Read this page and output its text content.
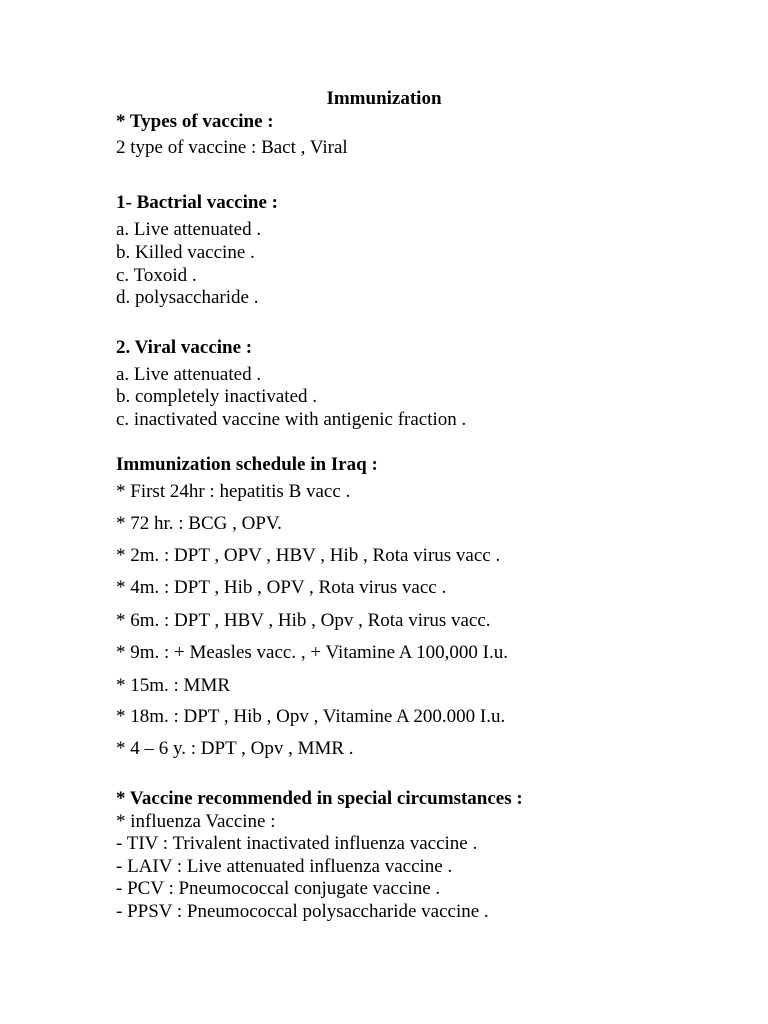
Immunization
* Types of vaccine :
2 type of vaccine : Bact , Viral
1- Bactrial vaccine :
a. Live attenuated .
b. Killed vaccine .
c. Toxoid .
d. polysaccharide .
2. Viral vaccine :
a. Live attenuated .
b. completely inactivated .
c. inactivated vaccine with antigenic fraction .
Immunization schedule in Iraq :
* First 24hr : hepatitis B vacc .
* 72 hr. : BCG , OPV.
* 2m. : DPT , OPV , HBV , Hib , Rota virus vacc .
* 4m. : DPT , Hib , OPV , Rota virus vacc .
* 6m. : DPT , HBV , Hib , Opv , Rota virus vacc.
* 9m. : + Measles vacc. , + Vitamine A 100,000 I.u.
* 15m. : MMR
* 18m. : DPT , Hib , Opv , Vitamine A 200.000 I.u.
* 4 – 6 y. : DPT , Opv , MMR .
* Vaccine recommended in special circumstances :
* influenza Vaccine :
- TIV : Trivalent inactivated influenza vaccine .
- LAIV : Live attenuated influenza vaccine .
- PCV : Pneumococcal conjugate vaccine .
- PPSV : Pneumococcal polysaccharide vaccine .
